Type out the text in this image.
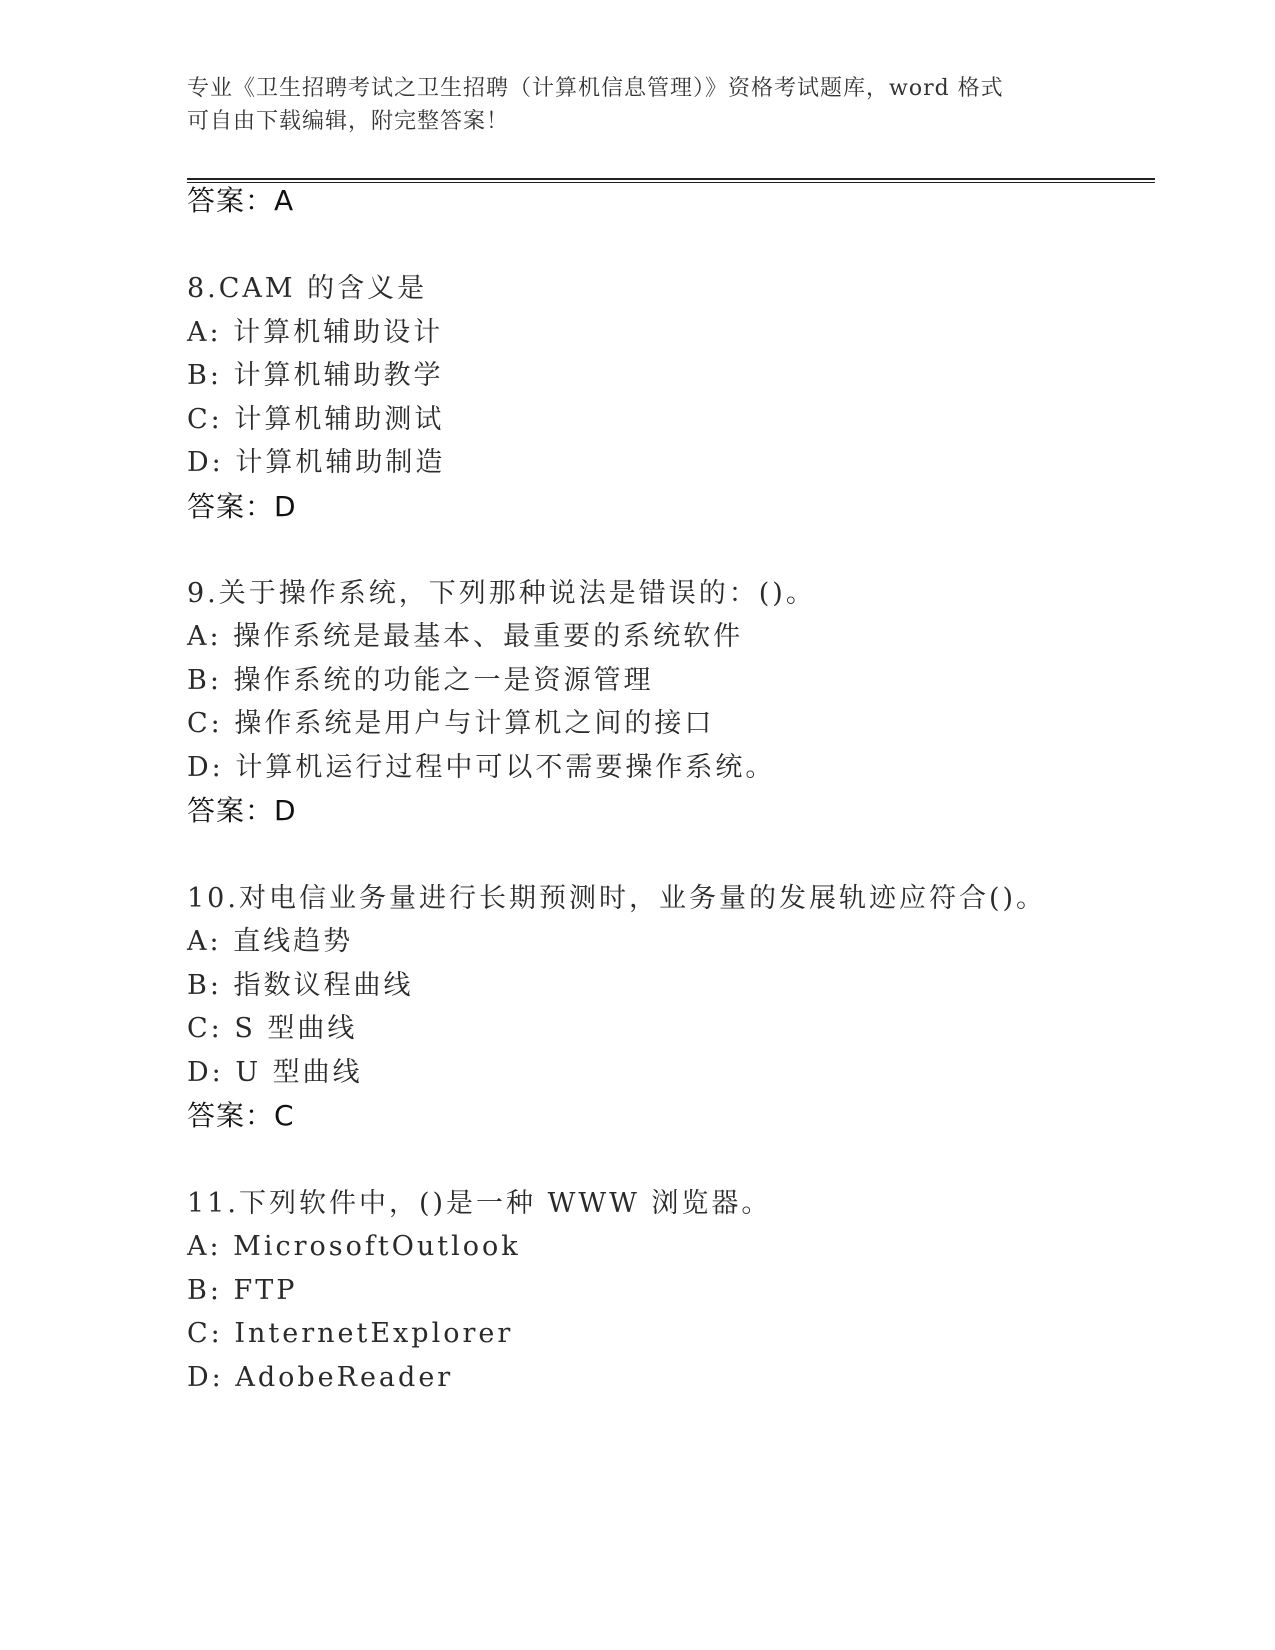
专业《卫生招聘考试之卫生招聘（计算机信息管理）》资格考试题库，word 格式
可自由下载编辑，附完整答案！
答案：A
8.CAM 的含义是
A: 计算机辅助设计
B: 计算机辅助教学
C: 计算机辅助测试
D: 计算机辅助制造
答案：D
9.关于操作系统，下列那种说法是错误的：()。
A: 操作系统是最基本、最重要的系统软件
B: 操作系统的功能之一是资源管理
C: 操作系统是用户与计算机之间的接口
D: 计算机运行过程中可以不需要操作系统。
答案：D
10.对电信业务量进行长期预测时，业务量的发展轨迹应符合()。
A: 直线趋势
B: 指数议程曲线
C: S 型曲线
D: U 型曲线
答案：C
11.下列软件中，()是一种 WWW 浏览器。
A: MicrosoftOutlook
B: FTP
C: InternetExplorer
D: AdobeReader
